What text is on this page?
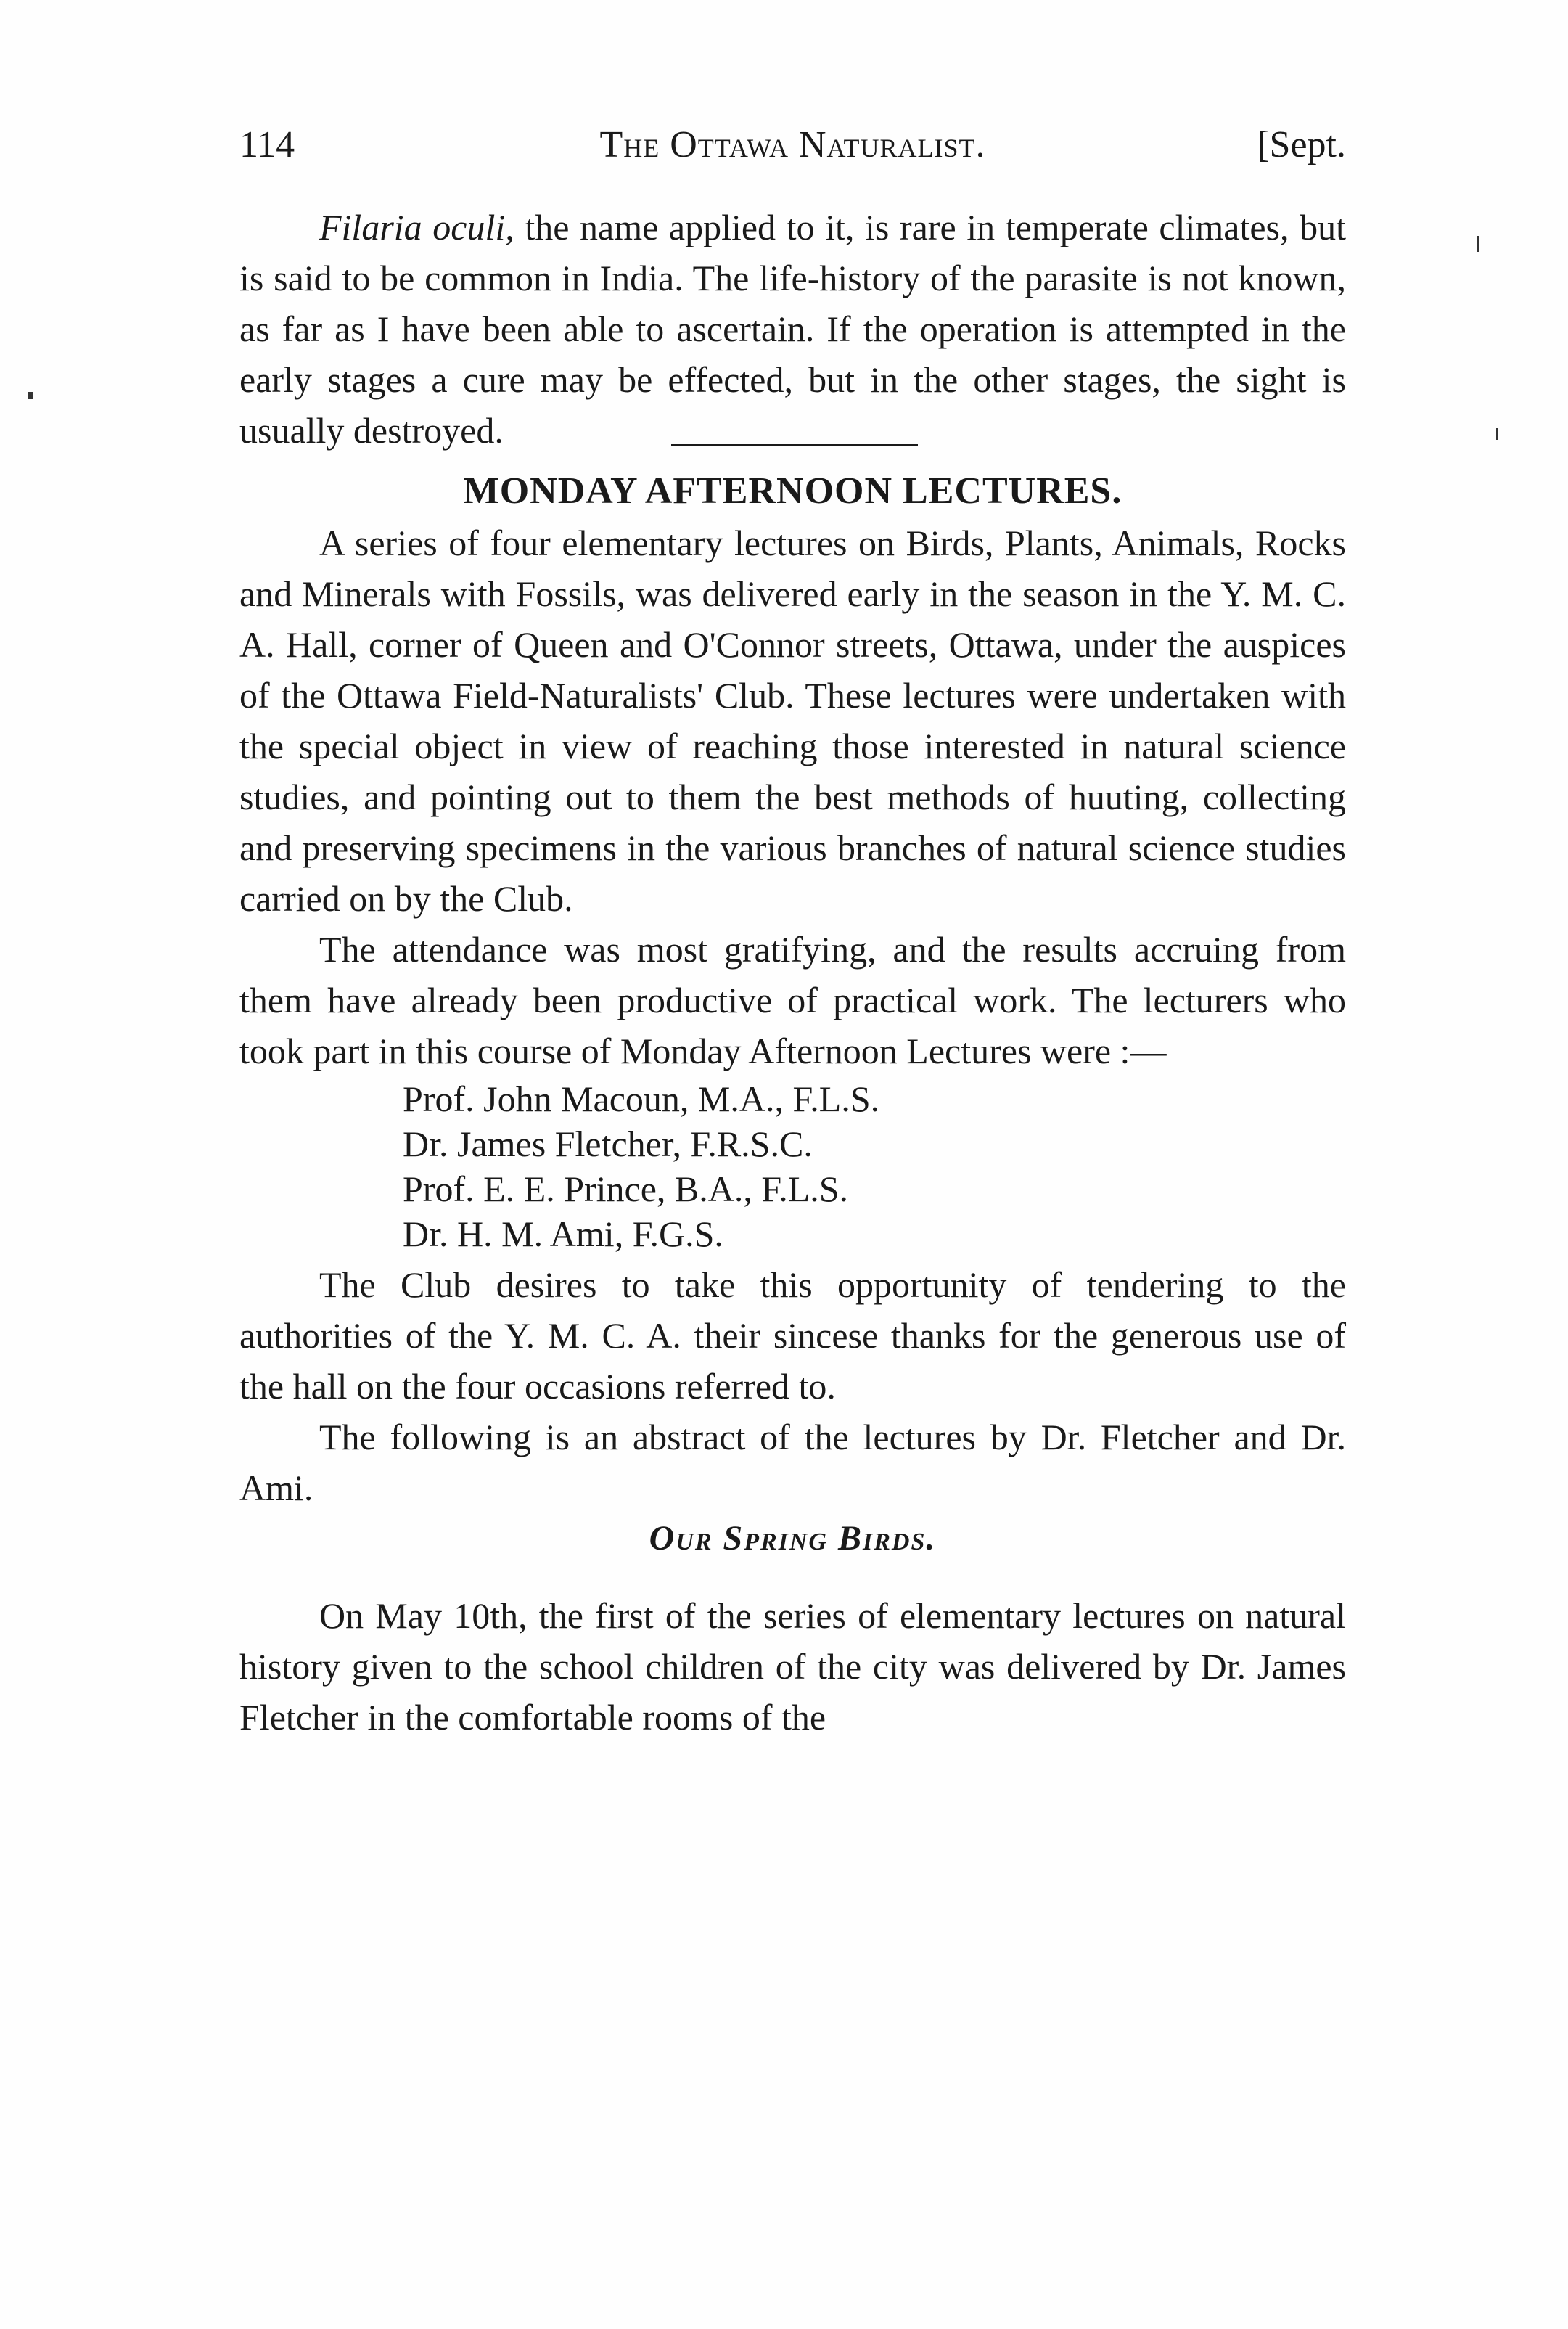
114	The Ottawa Naturalist.	[Sept.

Filaria oculi, the name applied to it, is rare in temperate climates, but is said to be common in India. The life-history of the parasite is not known, as far as I have been able to ascertain. If the operation is attempted in the early stages a cure may be effected, but in the other stages, the sight is usually destroyed.

MONDAY AFTERNOON LECTURES.

A series of four elementary lectures on Birds, Plants, Animals, Rocks and Minerals with Fossils, was delivered early in the season in the Y. M. C. A. Hall, corner of Queen and O'Connor streets, Ottawa, under the auspices of the Ottawa Field-Naturalists' Club. These lectures were undertaken with the special object in view of reaching those interested in natural science studies, and pointing out to them the best methods of huuting, collecting and preserving specimens in the various branches of natural science studies carried on by the Club.

The attendance was most gratifying, and the results accruing from them have already been productive of practical work. The lecturers who took part in this course of Monday Afternoon Lectures were :—

Prof. John Macoun, M.A., F.L.S.
Dr. James Fletcher, F.R.S.C.
Prof. E. E. Prince, B.A., F.L.S.
Dr. H. M. Ami, F.G.S.

The Club desires to take this opportunity of tendering to the authorities of the Y. M. C. A. their sincese thanks for the generous use of the hall on the four occasions referred to.

The following is an abstract of the lectures by Dr. Fletcher and Dr. Ami.

Our Spring Birds.

On May 10th, the first of the series of elementary lectures on natural history given to the school children of the city was delivered by Dr. James Fletcher in the comfortable rooms of the
